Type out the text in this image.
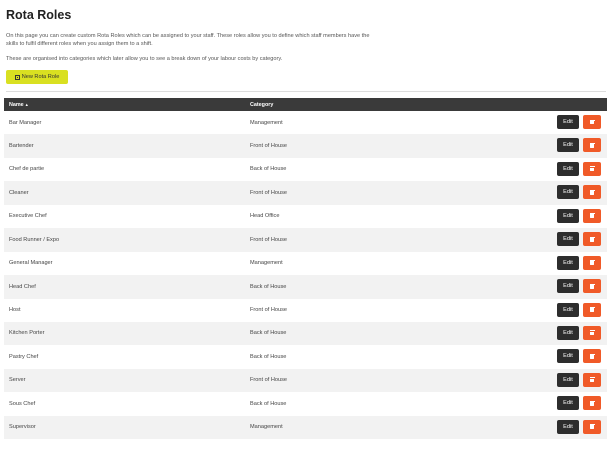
Rota Roles
On this page you can create custom Rota Roles which can be assigned to your staff. These roles allow you to define which staff members have the skills to fulfil different roles when you assign them to a shift.
These are organised into categories which later allow you to see a break down of your labour costs by category.
New Rota Role
Name▲	Category
Bar Manager	Management	Edit
Bartender	Front of House	Edit
Chef de partie	Back of House	Edit
Cleaner	Front of House	Edit
Executive Chef	Head Office	Edit
Food Runner / Expo	Front of House	Edit
General Manager	Management	Edit
Head Chef	Back of House	Edit
Host	Front of House	Edit
Kitchen Porter	Back of House	Edit
Pastry Chef	Back of House	Edit
Server	Front of House	Edit
Sous Chef	Back of House	Edit
Supervisor	Management	Edit
